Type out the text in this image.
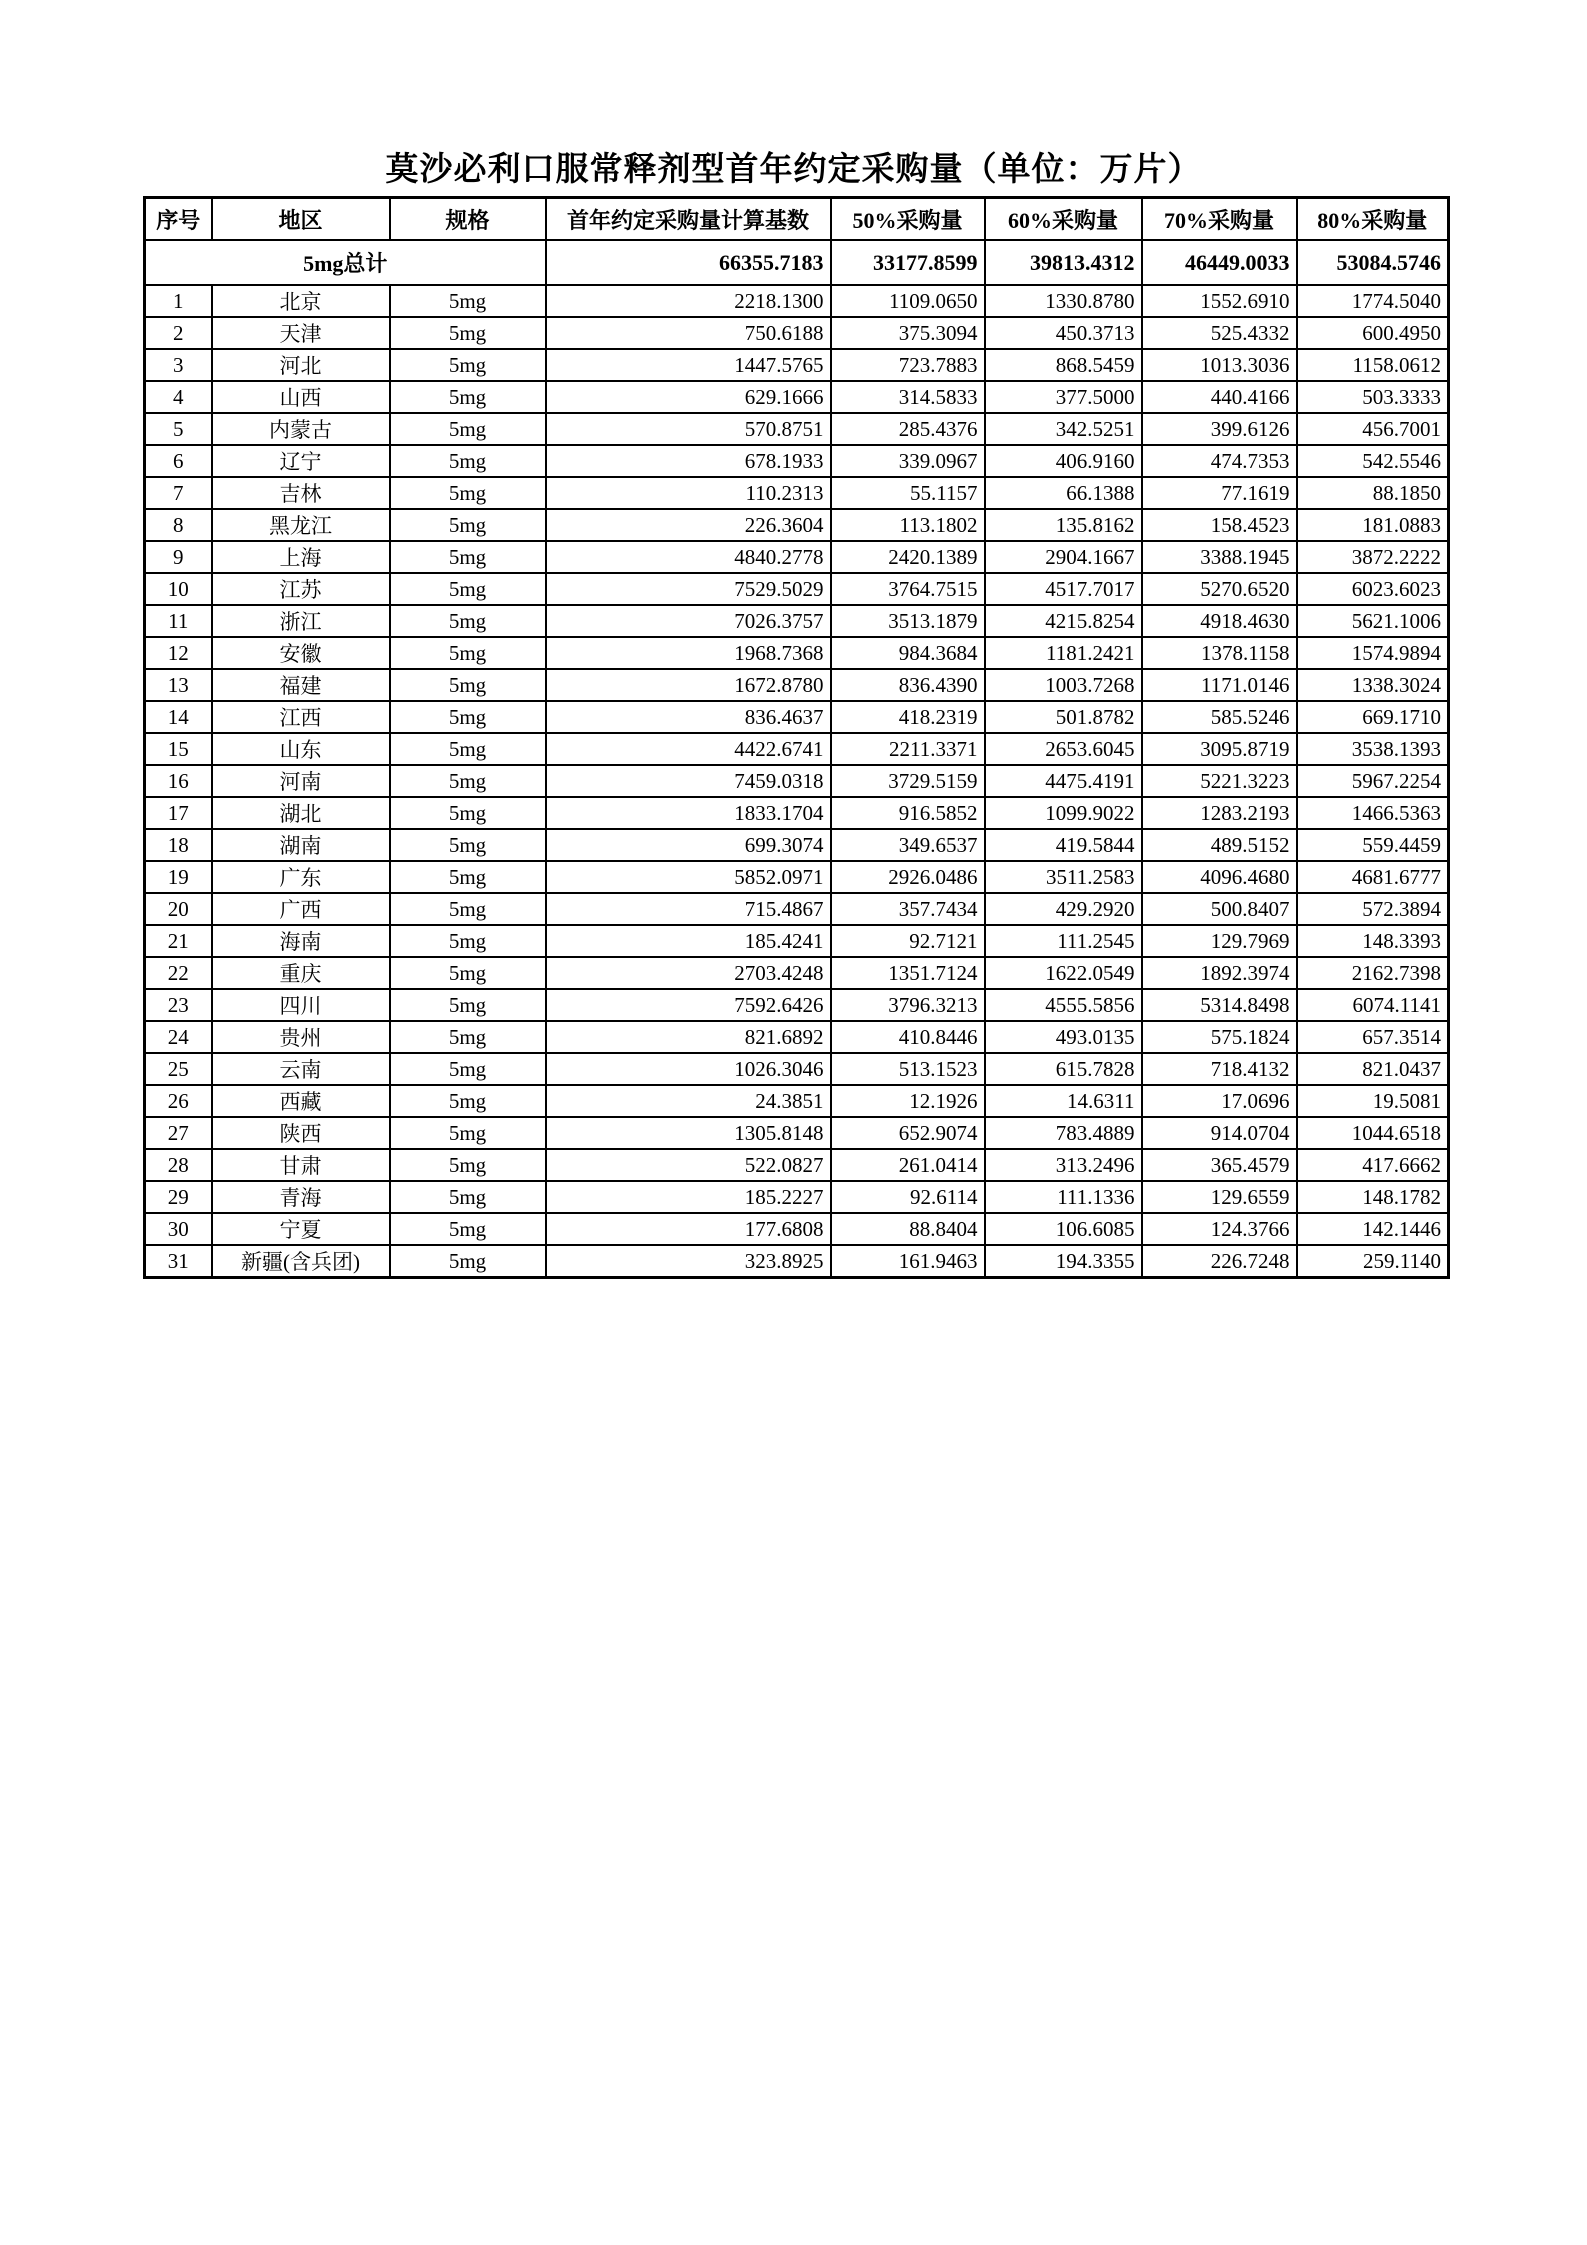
莫沙必利口服常释剂型首年约定采购量（单位：万片）
序号	地区	规格	首年约定采购量计算基数	50%采购量	60%采购量	70%采购量	80%采购量
5mg总计			66355.7183	33177.8599	39813.4312	46449.0033	53084.5746
1	北京	5mg	2218.1300	1109.0650	1330.8780	1552.6910	1774.5040
2	天津	5mg	750.6188	375.3094	450.3713	525.4332	600.4950
3	河北	5mg	1447.5765	723.7883	868.5459	1013.3036	1158.0612
4	山西	5mg	629.1666	314.5833	377.5000	440.4166	503.3333
5	内蒙古	5mg	570.8751	285.4376	342.5251	399.6126	456.7001
6	辽宁	5mg	678.1933	339.0967	406.9160	474.7353	542.5546
7	吉林	5mg	110.2313	55.1157	66.1388	77.1619	88.1850
8	黑龙江	5mg	226.3604	113.1802	135.8162	158.4523	181.0883
9	上海	5mg	4840.2778	2420.1389	2904.1667	3388.1945	3872.2222
10	江苏	5mg	7529.5029	3764.7515	4517.7017	5270.6520	6023.6023
11	浙江	5mg	7026.3757	3513.1879	4215.8254	4918.4630	5621.1006
12	安徽	5mg	1968.7368	984.3684	1181.2421	1378.1158	1574.9894
13	福建	5mg	1672.8780	836.4390	1003.7268	1171.0146	1338.3024
14	江西	5mg	836.4637	418.2319	501.8782	585.5246	669.1710
15	山东	5mg	4422.6741	2211.3371	2653.6045	3095.8719	3538.1393
16	河南	5mg	7459.0318	3729.5159	4475.4191	5221.3223	5967.2254
17	湖北	5mg	1833.1704	916.5852	1099.9022	1283.2193	1466.5363
18	湖南	5mg	699.3074	349.6537	419.5844	489.5152	559.4459
19	广东	5mg	5852.0971	2926.0486	3511.2583	4096.4680	4681.6777
20	广西	5mg	715.4867	357.7434	429.2920	500.8407	572.3894
21	海南	5mg	185.4241	92.7121	111.2545	129.7969	148.3393
22	重庆	5mg	2703.4248	1351.7124	1622.0549	1892.3974	2162.7398
23	四川	5mg	7592.6426	3796.3213	4555.5856	5314.8498	6074.1141
24	贵州	5mg	821.6892	410.8446	493.0135	575.1824	657.3514
25	云南	5mg	1026.3046	513.1523	615.7828	718.4132	821.0437
26	西藏	5mg	24.3851	12.1926	14.6311	17.0696	19.5081
27	陕西	5mg	1305.8148	652.9074	783.4889	914.0704	1044.6518
28	甘肃	5mg	522.0827	261.0414	313.2496	365.4579	417.6662
29	青海	5mg	185.2227	92.6114	111.1336	129.6559	148.1782
30	宁夏	5mg	177.6808	88.8404	106.6085	124.3766	142.1446
31	新疆(含兵团)	5mg	323.8925	161.9463	194.3355	226.7248	259.1140
